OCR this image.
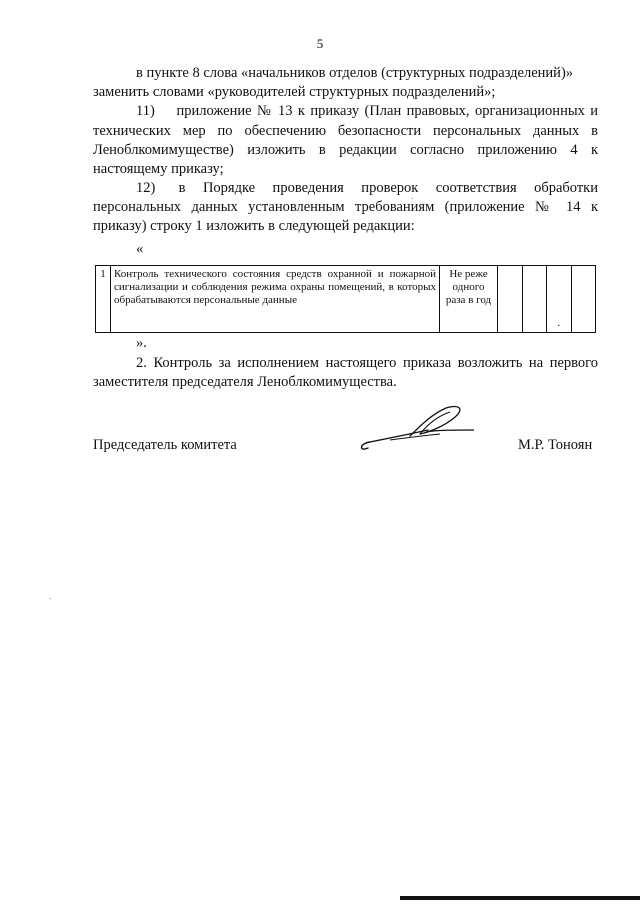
5
в пункте 8 слова «начальников отделов (структурных подразделений)»
заменить словами «руководителей структурных подразделений»;
11)    приложение № 13 к приказу (План правовых, организационных и
технических мер по обеспечению безопасности персональных данных в
Леноблкомимуществе) изложить в редакции согласно приложению 4 к
настоящему приказу;
12)    в   Порядке   проведения   проверок   соответствия   обработки
персональных данных установленным требованиям (приложение № 14 к
приказу) строку 1 изложить в следующей редакции:
«
1	Контроль технического состояния средств охранной и пожарной сигнализации и соблюдения режима охраны помещений, в которых обрабатываются персональные данные	Не реже одного раза в год			.	
».
2. Контроль за исполнением настоящего приказа возложить на первого
заместителя председателя Леноблкомимущества.
Председатель комитета	М.Р. Тоноян
